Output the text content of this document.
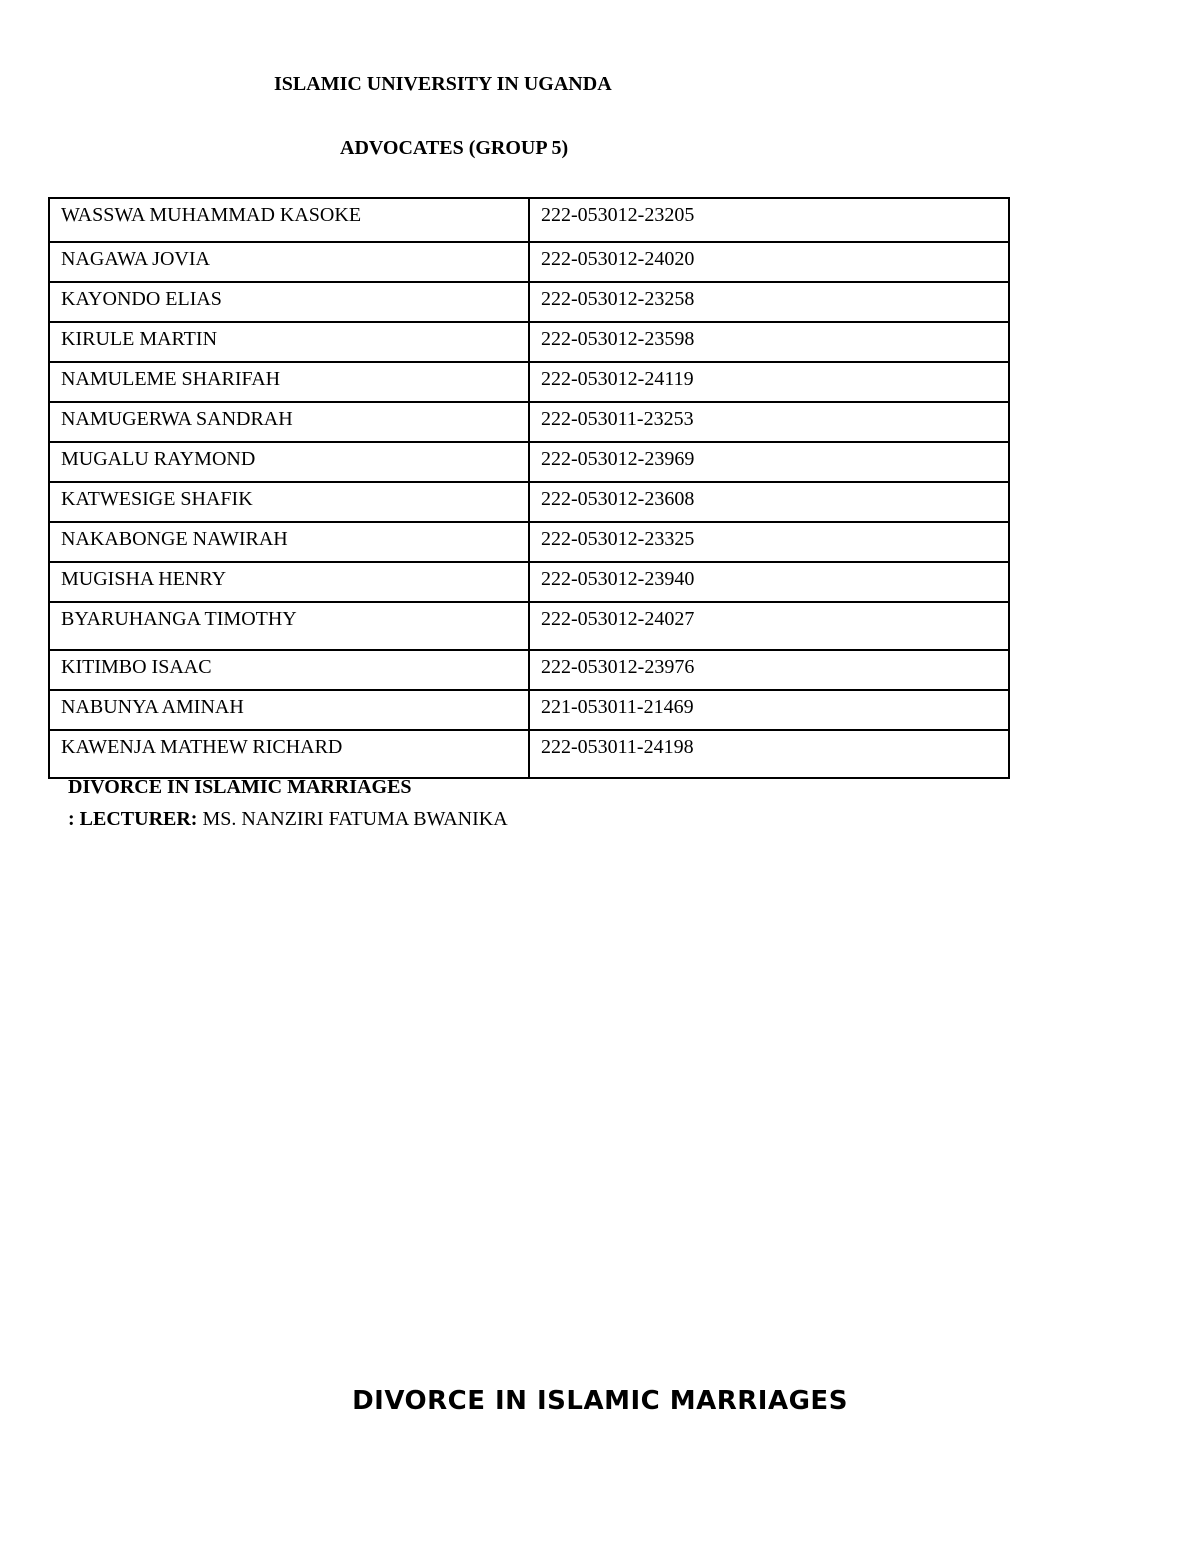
ISLAMIC UNIVERSITY IN UGANDA
ADVOCATES (GROUP 5)
WASSWA MUHAMMAD KASOKE	222-053012-23205
NAGAWA JOVIA	222-053012-24020
KAYONDO ELIAS	222-053012-23258
KIRULE MARTIN	222-053012-23598
NAMULEME SHARIFAH	222-053012-24119
NAMUGERWA SANDRAH	222-053011-23253
MUGALU RAYMOND	222-053012-23969
KATWESIGE SHAFIK	222-053012-23608
NAKABONGE NAWIRAH	222-053012-23325
MUGISHA HENRY	222-053012-23940
BYARUHANGA TIMOTHY	222-053012-24027
KITIMBO ISAAC	222-053012-23976
NABUNYA AMINAH	221-053011-21469
KAWENJA MATHEW RICHARD	222-053011-24198
DIVORCE IN ISLAMIC MARRIAGES
: LECTURER: MS. NANZIRI FATUMA BWANIKA
DIVORCE IN ISLAMIC MARRIAGES
